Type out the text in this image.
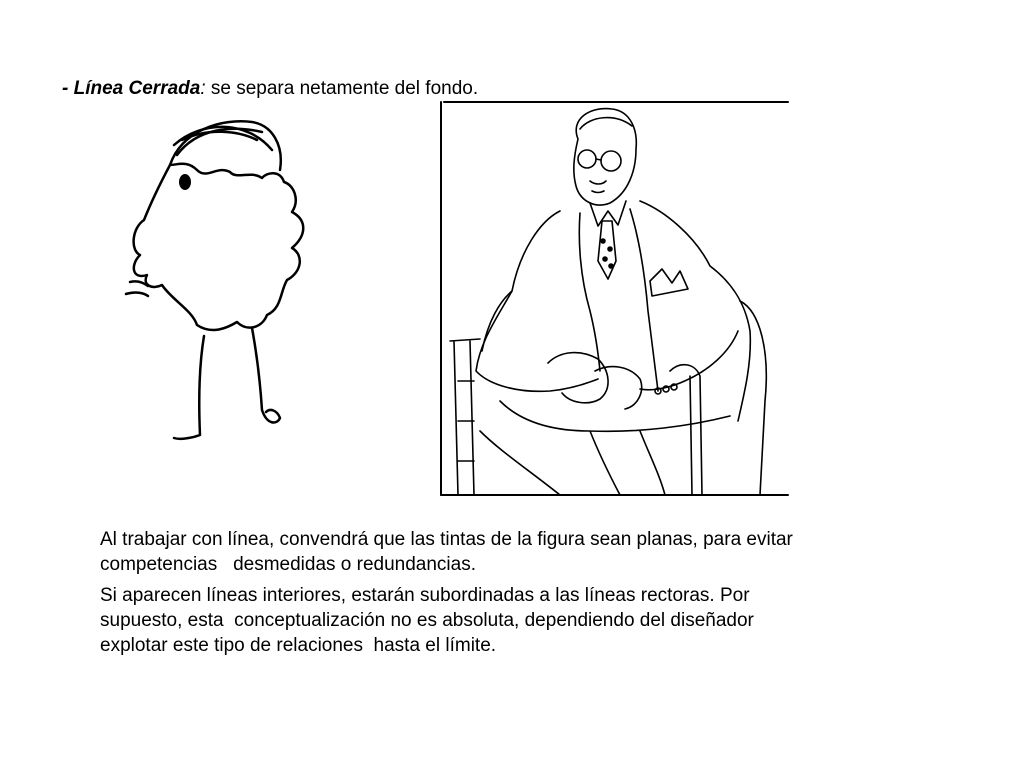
- Línea Cerrada: se separa netamente del fondo.

Al trabajar con línea, convendrá que las tintas de la figura sean planas, para evitar
competencias   desmedidas o redundancias.

Si aparecen líneas interiores, estarán subordinadas a las líneas rectoras. Por
supuesto, esta  conceptualización no es absoluta, dependiendo del diseñador
explotar este tipo de relaciones  hasta el límite.
